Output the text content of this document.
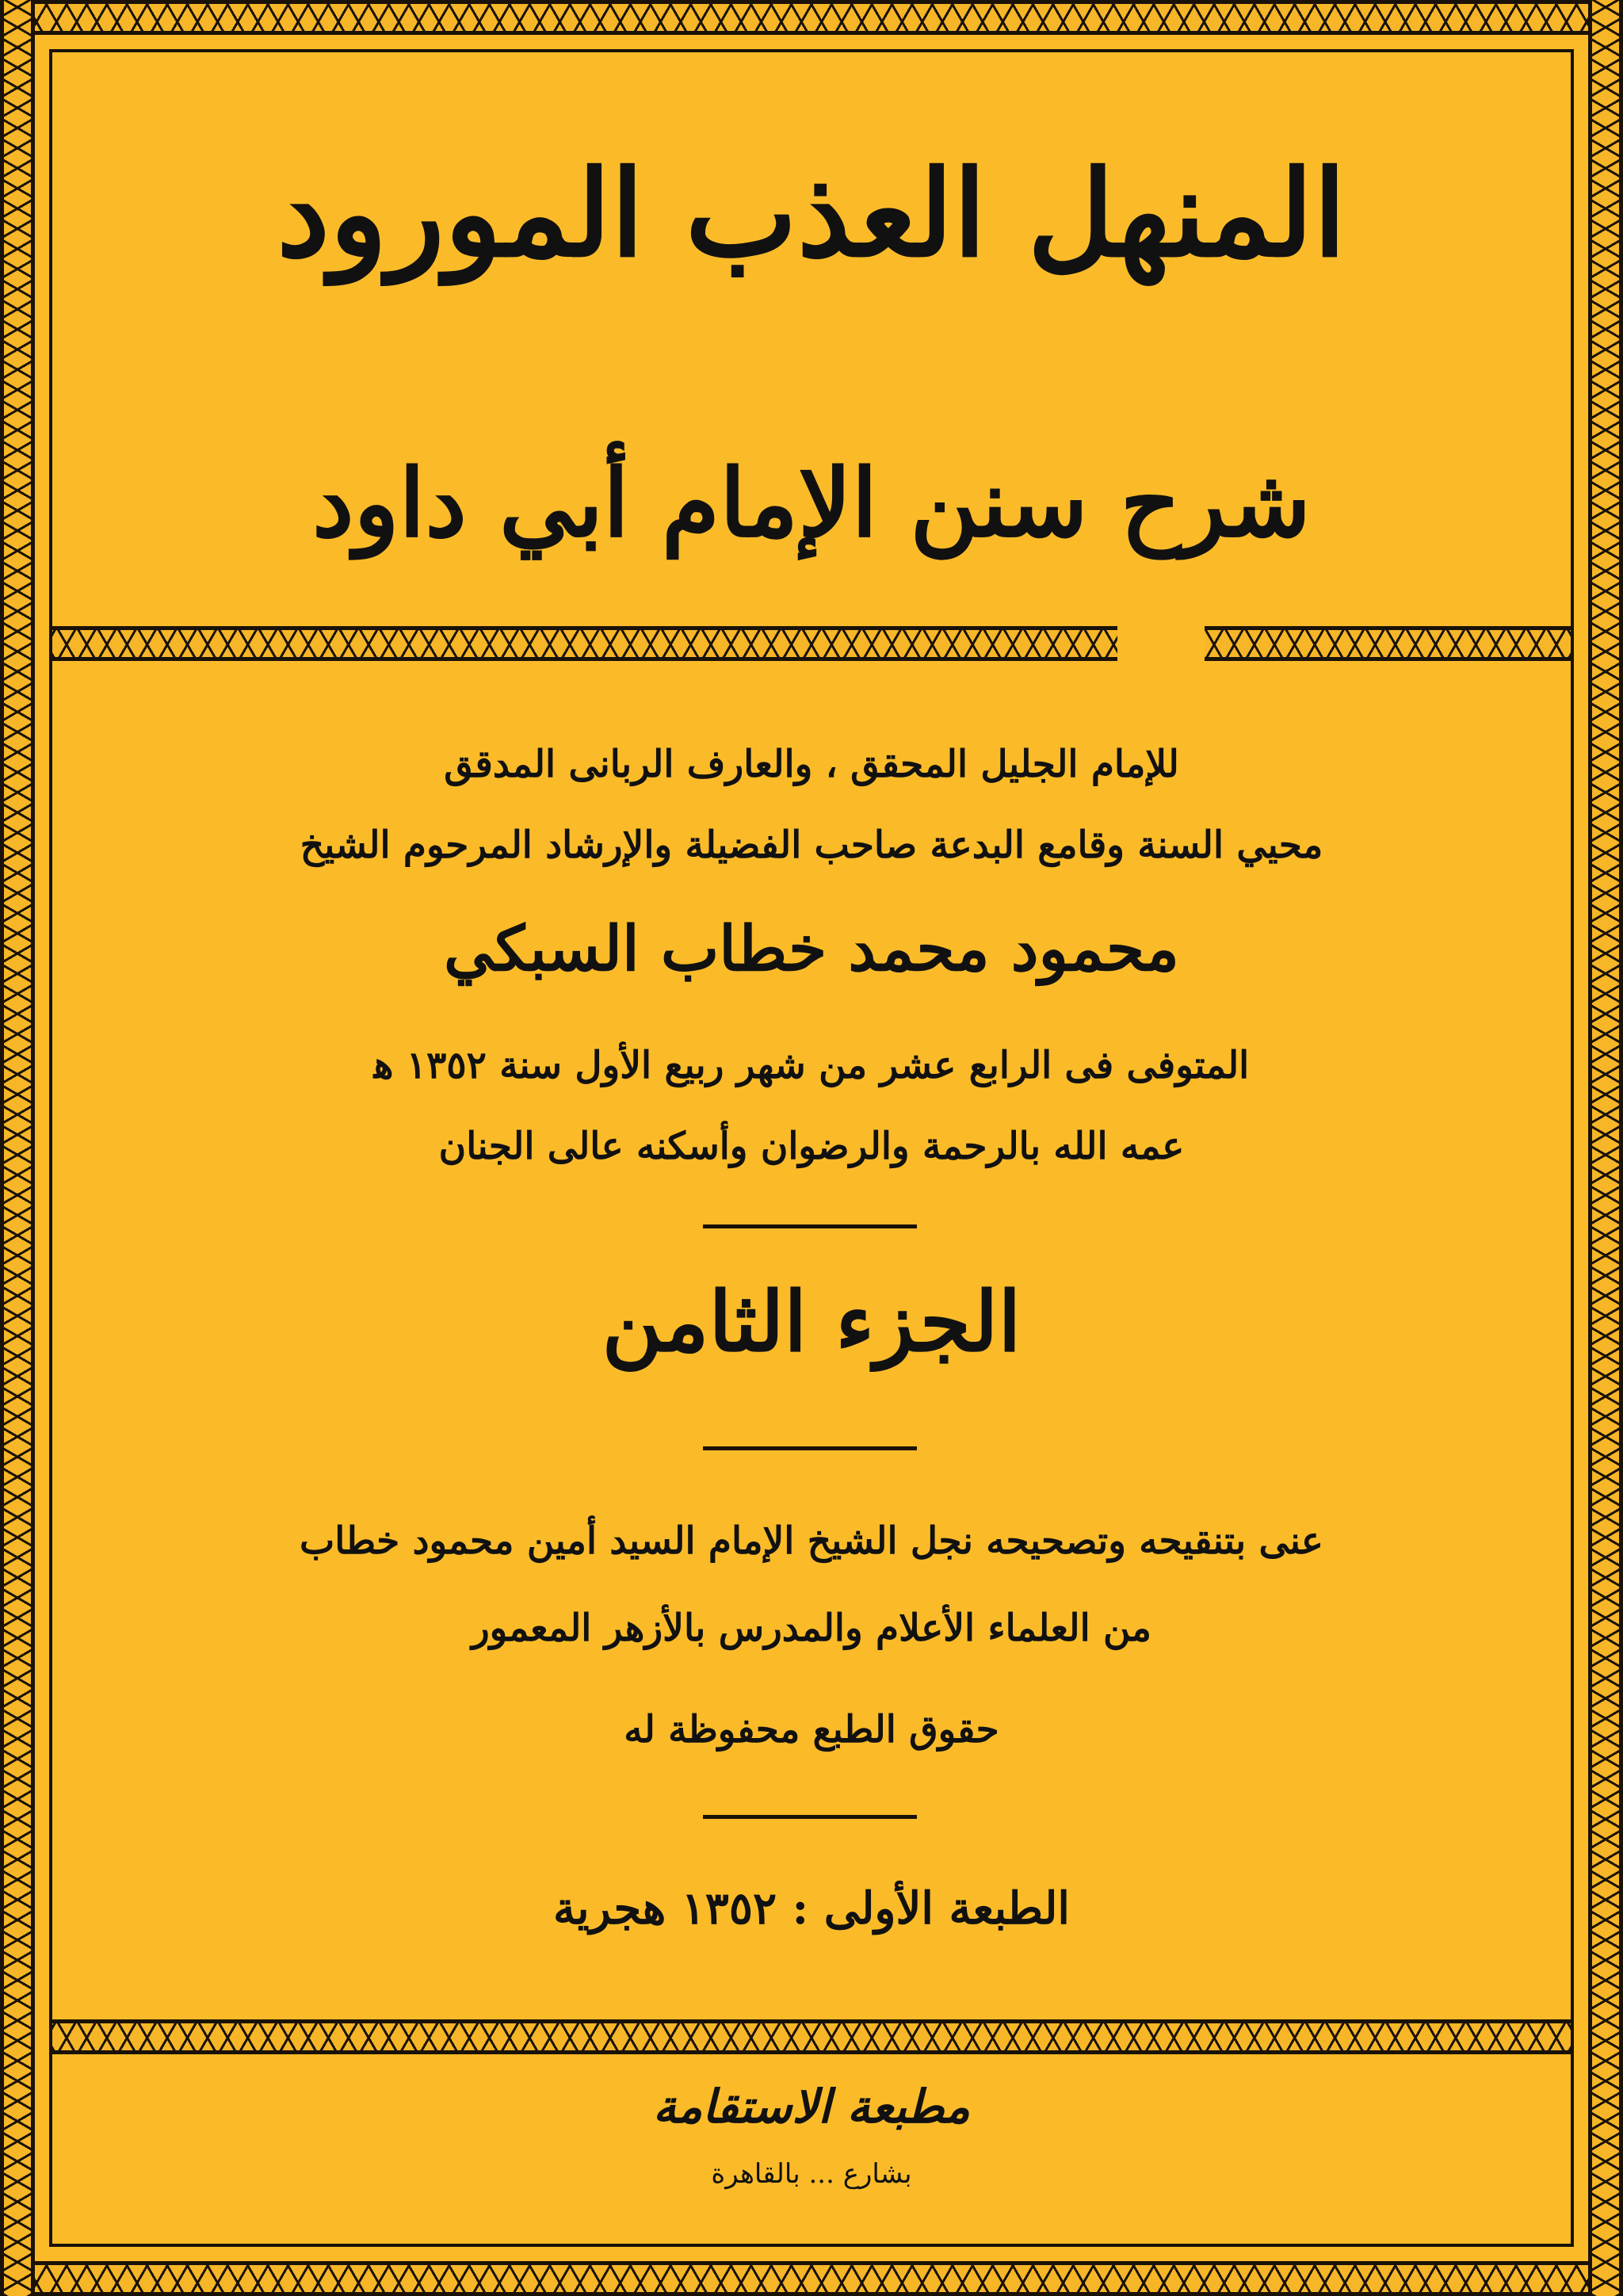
المنهل العذب المورود
شرح سنن الإمام أبي داود
للإمام الجليل المحقق ، والعارف الربانى المدقق
محيي السنة وقامع البدعة صاحب الفضيلة والإرشاد المرحوم الشيخ
محمود محمد خطاب السبكي
المتوفى فى الرابع عشر من شهر ربيع الأول سنة ١٣٥٢ ﻫ
عمه الله بالرحمة والرضوان وأسكنه عالى الجنان
الجزء الثامن
عنى بتنقيحه وتصحيحه نجل الشيخ الإمام السيد أمين محمود خطاب
من العلماء الأعلام والمدرس بالأزهر المعمور
حقوق الطبع محفوظة له
الطبعة الأولى : ١٣٥٢ هجرية
مطبعة الاستقامة
بشارع ... بالقاهرة
